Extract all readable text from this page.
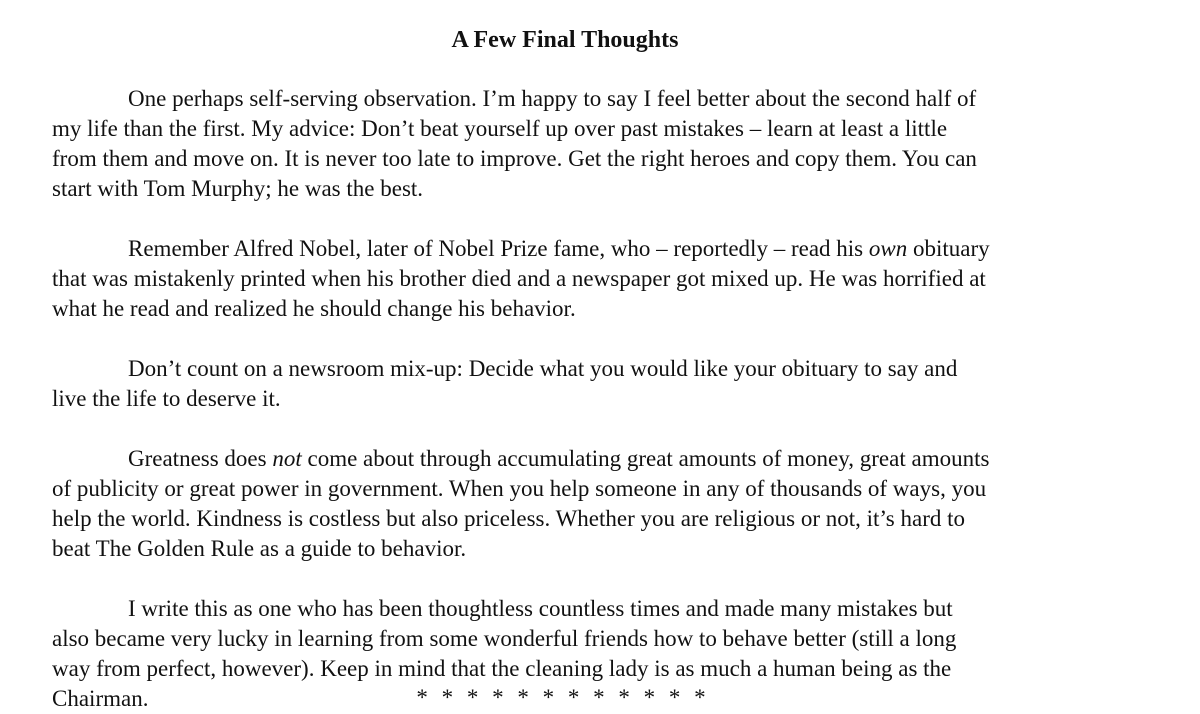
A Few Final Thoughts

One perhaps self-serving observation. I’m happy to say I feel better about the second half of
my life than the first. My advice: Don’t beat yourself up over past mistakes – learn at least a little
from them and move on. It is never too late to improve. Get the right heroes and copy them. You can
start with Tom Murphy; he was the best.

Remember Alfred Nobel, later of Nobel Prize fame, who – reportedly – read his own obituary
that was mistakenly printed when his brother died and a newspaper got mixed up. He was horrified at
what he read and realized he should change his behavior.

Don’t count on a newsroom mix-up: Decide what you would like your obituary to say and
live the life to deserve it.

Greatness does not come about through accumulating great amounts of money, great amounts
of publicity or great power in government. When you help someone in any of thousands of ways, you
help the world. Kindness is costless but also priceless. Whether you are religious or not, it’s hard to
beat The Golden Rule as a guide to behavior.

I write this as one who has been thoughtless countless times and made many mistakes but
also became very lucky in learning from some wonderful friends how to behave better (still a long
way from perfect, however). Keep in mind that the cleaning lady is as much a human being as the
Chairman.	* * * * * * * * * * * *
